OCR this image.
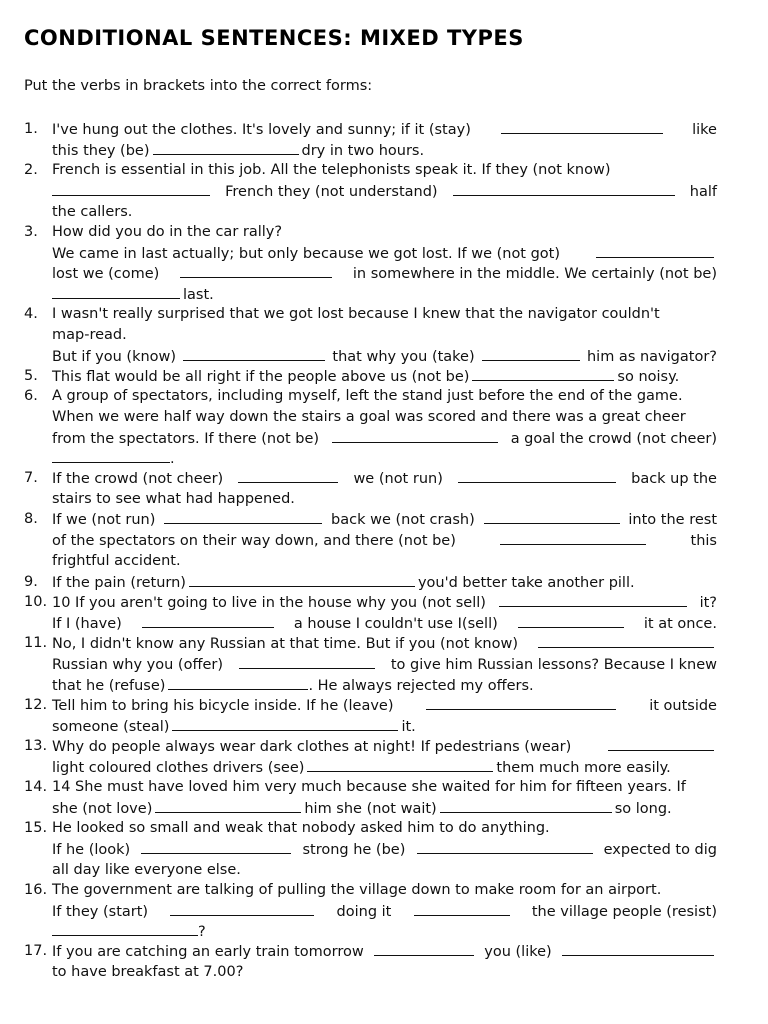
CONDITIONAL SENTENCES: MIXED TYPES
Put the verbs in brackets into the correct forms:
1.
2.
3.
4.
5.
6.
7.
8.
9.
10.
11.
12.
13.
14.
15.
16.
17.
I've hung out the clothes. It's lovely and sunny; if it (stay)	like
this they (be)	dry in two hours.
French is essential in this job. All the telephonists speak it. If they (not know)
French they (not understand)	half
the callers.
How did you do in the car rally?
We came in last actually; but only because we got lost. If we (not got)
lost we (come)	in somewhere in the middle. We certainly (not be)
last.
I wasn't really surprised that we got lost because I knew that the navigator couldn't
map-read.
But if you (know)	that why you (take)	him as navigator?
This flat would be all right if the people above us (not be)	so noisy.
A group of spectators, including myself, left the stand just before the end of the game.
When we were half way down the stairs a goal was scored and there was a great cheer
from the spectators. If there (not be)	a goal the crowd (not cheer)
.
If the crowd (not cheer)	we (not run)	back up the
stairs to see what had happened.
If we (not run)	back we (not crash)	into the rest
of the spectators on their way down, and there (not be)	this
frightful accident.
If the pain (return)	you'd better take another pill.
10 If you aren't going to live in the house why you (not sell)	it?
If I (have)	a house I couldn't use I(sell)	it at once.
No, I didn't know any Russian at that time. But if you (not know)
Russian why you (offer)	to give him Russian lessons? Because I knew
that he (refuse)	. He always rejected my offers.
Tell him to bring his bicycle inside. If he (leave)	it outside
someone (steal)	it.
Why do people always wear dark clothes at night! If pedestrians (wear)
light coloured clothes drivers (see)	them much more easily.
14 She must have loved him very much because she waited for him for fifteen years. If
she (not love)	him she (not wait)	so long.
He looked so small and weak that nobody asked him to do anything.
If he (look)	strong he (be)	expected to dig
all day like everyone else.
The government are talking of pulling the village down to make room for an airport.
If they (start)	doing it	the village people (resist)
?
If you are catching an early train tomorrow	you (like)
to have breakfast at 7.00?
